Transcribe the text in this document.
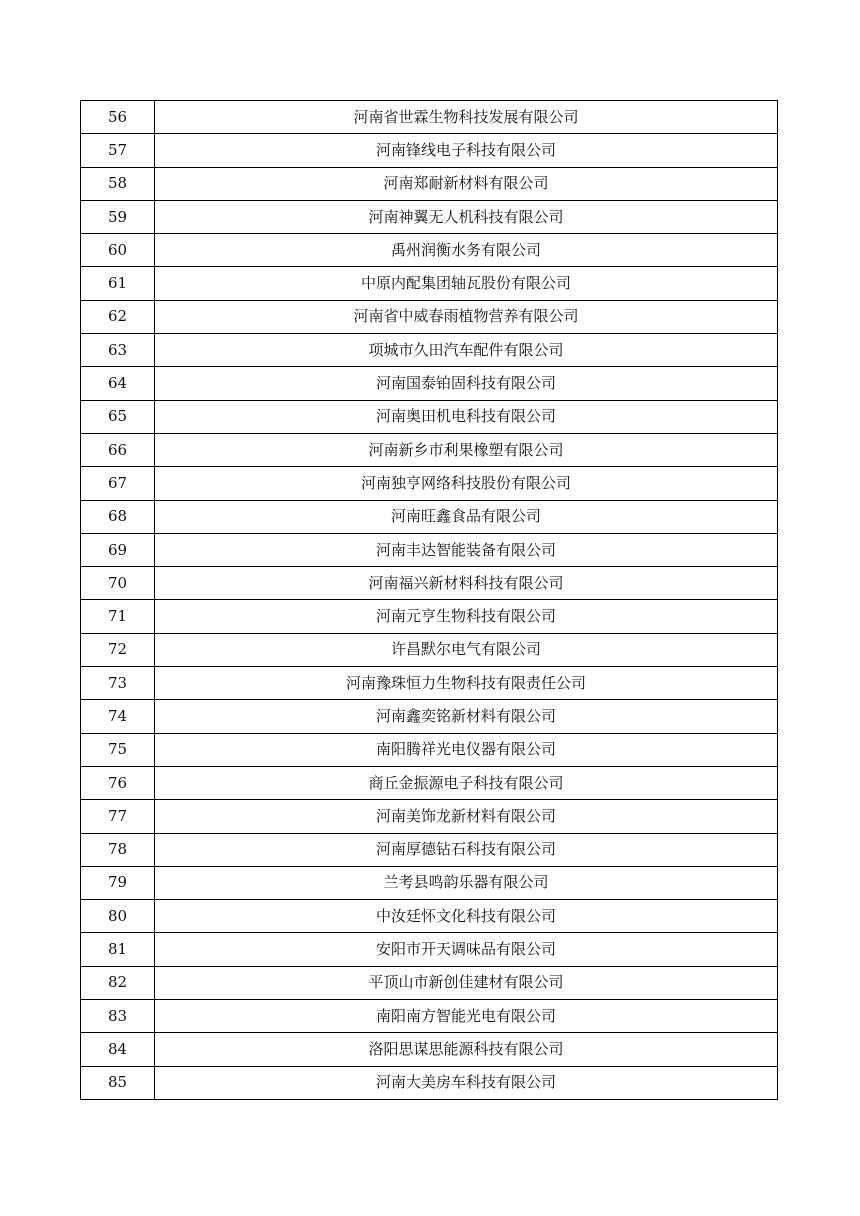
56	河南省世霖生物科技发展有限公司
57	河南锋线电子科技有限公司
58	河南郑耐新材料有限公司
59	河南神翼无人机科技有限公司
60	禹州润衡水务有限公司
61	中原内配集团轴瓦股份有限公司
62	河南省中威春雨植物营养有限公司
63	项城市久田汽车配件有限公司
64	河南国泰铂固科技有限公司
65	河南奥田机电科技有限公司
66	河南新乡市利果橡塑有限公司
67	河南独亨网络科技股份有限公司
68	河南旺鑫食品有限公司
69	河南丰达智能装备有限公司
70	河南福兴新材料科技有限公司
71	河南元亨生物科技有限公司
72	许昌默尔电气有限公司
73	河南豫珠恒力生物科技有限责任公司
74	河南鑫奕铭新材料有限公司
75	南阳腾祥光电仪器有限公司
76	商丘金振源电子科技有限公司
77	河南美饰龙新材料有限公司
78	河南厚德钻石科技有限公司
79	兰考县鸣韵乐器有限公司
80	中汝廷怀文化科技有限公司
81	安阳市开天调味品有限公司
82	平顶山市新创佳建材有限公司
83	南阳南方智能光电有限公司
84	洛阳思谋思能源科技有限公司
85	河南大美房车科技有限公司
